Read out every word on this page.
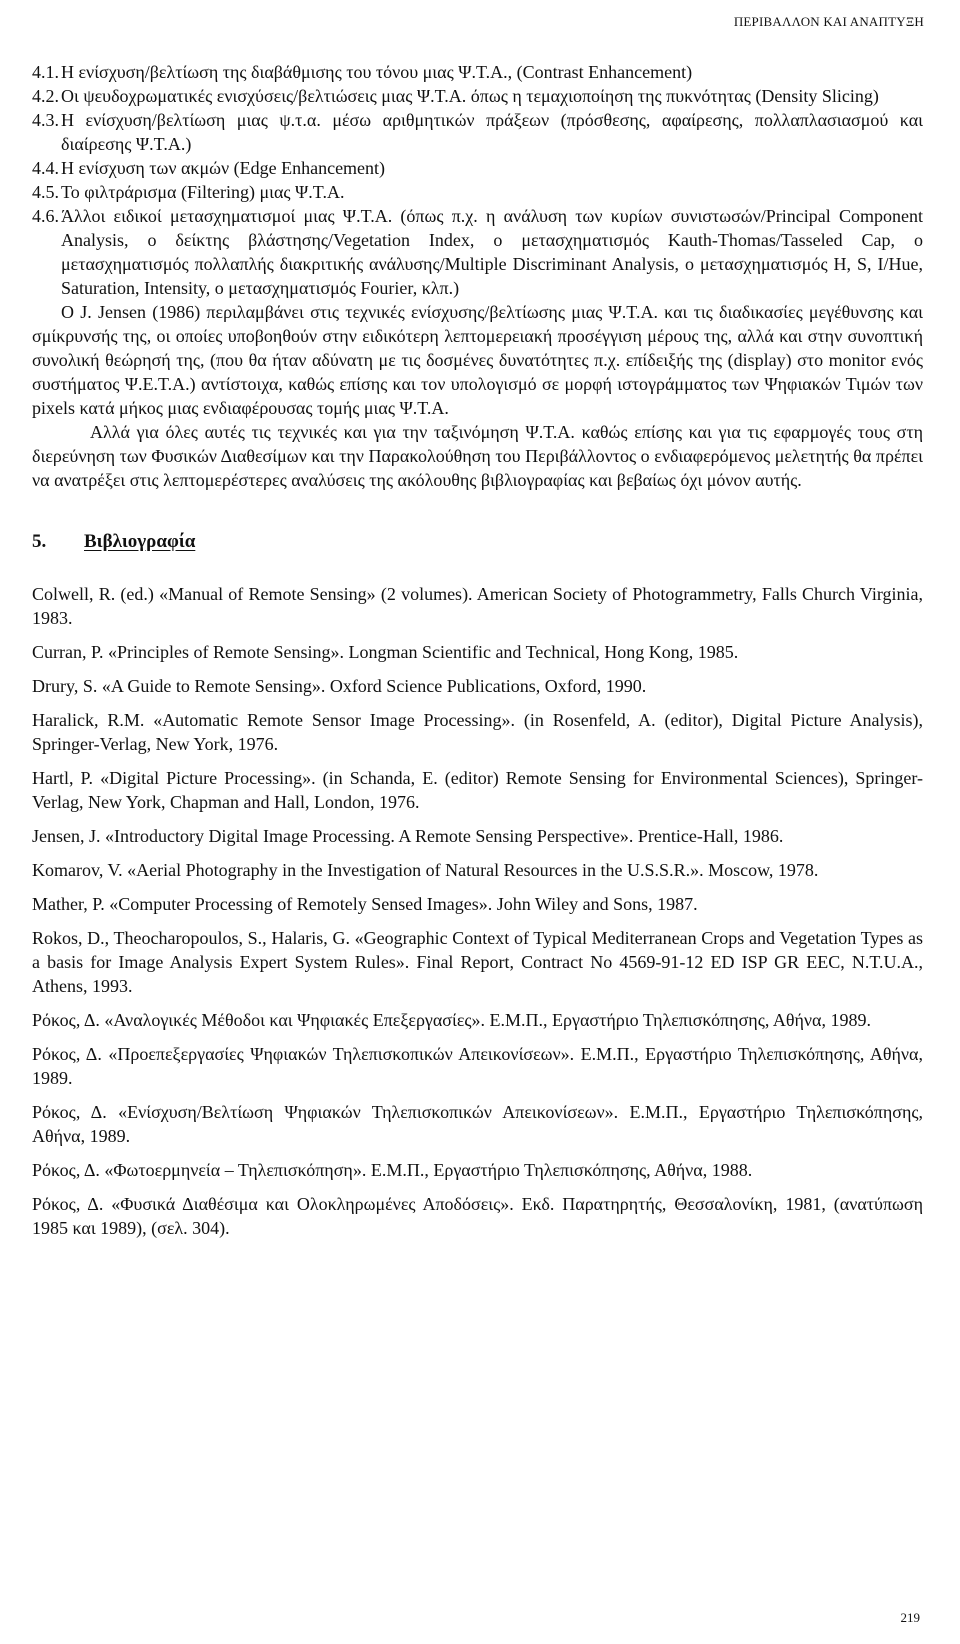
ΠΕΡΙΒΑΛΛΟΝ ΚΑΙ ΑΝΑΠΤΥΞΗ
4.1. Η ενίσχυση/βελτίωση της διαβάθμισης του τόνου μιας Ψ.Τ.Α., (Contrast Enhancement)
4.2. Οι ψευδοχρωματικές ενισχύσεις/βελτιώσεις μιας Ψ.Τ.Α. όπως η τεμαχιοποίηση της πυκνότητας (Density Slicing)
4.3. Η ενίσχυση/βελτίωση μιας ψ.τ.α. μέσω αριθμητικών πράξεων (πρόσθεσης, αφαίρεσης, πολλαπλασιασμού και διαίρεσης Ψ.Τ.Α.)
4.4. Η ενίσχυση των ακμών (Edge Enhancement)
4.5. Το φιλτράρισμα (Filtering) μιας Ψ.Τ.Α.
4.6. Άλλοι ειδικοί μετασχηματισμοί μιας Ψ.Τ.Α. (όπως π.χ. η ανάλυση των κυρίων συνιστωσών/Principal Component Analysis, ο δείκτης βλάστησης/Vegetation Index, ο μετασχηματισμός Kauth-Thomas/Tasseled Cap, ο μετασχηματισμός πολλαπλής διακριτικής ανάλυσης/Multiple Discriminant Analysis, ο μετασχηματισμός H, S, I/Hue, Saturation, Intensity, ο μετασχηματισμός Fourier, κλπ.)

Ο J. Jensen (1986) περιλαμβάνει στις τεχνικές ενίσχυσης/βελτίωσης μιας Ψ.Τ.Α. και τις διαδικασίες μεγέθυνσης και σμίκρυνσής της, οι οποίες υποβοηθούν στην ειδικότερη λεπτομερειακή προσέγγιση μέρους της, αλλά και στην συνοπτική συνολική θεώρησή της, (που θα ήταν αδύνατη με τις δοσμένες δυνατότητες π.χ. επίδειξής της (display) στο monitor ενός συστήματος Ψ.Ε.Τ.Α.) αντίστοιχα, καθώς επίσης και τον υπολογισμό σε μορφή ιστογράμματος των Ψηφιακών Τιμών των pixels κατά μήκος μιας ενδιαφέρουσας τομής μιας Ψ.Τ.Α.

Αλλά για όλες αυτές τις τεχνικές και για την ταξινόμηση Ψ.Τ.Α. καθώς επίσης και για τις εφαρμογές τους στη διερεύνηση των Φυσικών Διαθεσίμων και την Παρακολούθηση του Περιβάλλοντος ο ενδιαφερόμενος μελετητής θα πρέπει να ανατρέξει στις λεπτομερέστερες αναλύσεις της ακόλουθης βιβλιογραφίας και βεβαίως όχι μόνον αυτής.

5. Βιβλιογραφία

Colwell, R. (ed.) «Manual of Remote Sensing» (2 volumes). American Society of Photogrammetry, Falls Church Virginia, 1983.

Curran, P. «Principles of Remote Sensing». Longman Scientific and Technical, Hong Kong, 1985.

Drury, S. «A Guide to Remote Sensing». Oxford Science Publications, Oxford, 1990.

Haralick, R.M. «Automatic Remote Sensor Image Processing». (in Rosenfeld, A. (editor), Digital Picture Analysis), Springer-Verlag, New York, 1976.

Hartl, P. «Digital Picture Processing». (in Schanda, E. (editor) Remote Sensing for Environmental Sciences), Springer-Verlag, New York, Chapman and Hall, London, 1976.

Jensen, J. «Introductory Digital Image Processing. A Remote Sensing Perspective». Prentice-Hall, 1986.

Komarov, V. «Aerial Photography in the Investigation of Natural Resources in the U.S.S.R.». Moscow, 1978.

Mather, P. «Computer Processing of Remotely Sensed Images». John Wiley and Sons, 1987.

Rokos, D., Theocharopoulos, S., Halaris, G. «Geographic Context of Typical Mediterranean Crops and Vegetation Types as a basis for Image Analysis Expert System Rules». Final Report, Contract No 4569-91-12 ED ISP GR EEC, N.T.U.A., Athens, 1993.

Ρόκος, Δ. «Αναλογικές Μέθοδοι και Ψηφιακές Επεξεργασίες». Ε.Μ.Π., Εργαστήριο Τηλεπισκόπησης, Αθήνα, 1989.

Ρόκος, Δ. «Προεπεξεργασίες Ψηφιακών Τηλεπισκοπικών Απεικονίσεων». Ε.Μ.Π., Εργαστήριο Τηλεπισκόπησης, Αθήνα, 1989.

Ρόκος, Δ. «Ενίσχυση/Βελτίωση Ψηφιακών Τηλεπισκοπικών Απεικονίσεων». Ε.Μ.Π., Εργαστήριο Τηλεπισκόπησης, Αθήνα, 1989.

Ρόκος, Δ. «Φωτοερμηνεία – Τηλεπισκόπηση». Ε.Μ.Π., Εργαστήριο Τηλεπισκόπησης, Αθήνα, 1988.

Ρόκος, Δ. «Φυσικά Διαθέσιμα και Ολοκληρωμένες Αποδόσεις». Εκδ. Παρατηρητής, Θεσσαλονίκη, 1981, (ανατύπωση 1985 και 1989), (σελ. 304).

219
